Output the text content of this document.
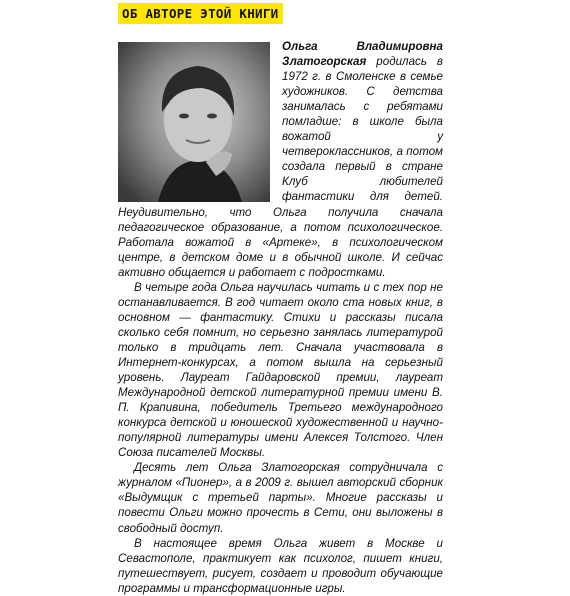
ОБ АВТОРЕ ЭТОЙ КНИГИ

Ольга Владимировна Златогорская родилась в 1972 г. в Смоленске в семье художников. С детства занималась с ребятами помладше: в школе была вожатой у четвероклассников, а потом создала первый в стране Клуб любителей фантастики для детей. Неудивительно, что Ольга получила сначала педагогическое образование, а потом психологическое. Работала вожатой в «Артеке», в психологическом центре, в детском доме и в обычной школе. И сейчас активно общается и работает с подростками.

В четыре года Ольга научилась читать и с тех пор не останавливается. В год читает около ста новых книг, в основном — фантастику. Стихи и рассказы писала сколько себя помнит, но серьезно занялась литературой только в тридцать лет. Сначала участвовала в Интернет-конкурсах, а потом вышла на серьезный уровень. Лауреат Гайдаровской премии, лауреат Международной детской литературной премии имени В. П. Крапивина, победитель Третьего международного конкурса детской и юношеской художественной и научно-популярной литературы имени Алексея Толстого. Член Союза писателей Москвы.

Десять лет Ольга Златогорская сотрудничала с журналом «Пионер», а в 2009 г. вышел авторский сборник «Выдумщик с третьей парты». Многие рассказы и повести Ольги можно прочесть в Сети, они выложены в свободный доступ.

В настоящее время Ольга живет в Москве и Севастополе, практикует как психолог, пишет книги, путешествует, рисует, создает и проводит обучающие программы и трансформационные игры.
